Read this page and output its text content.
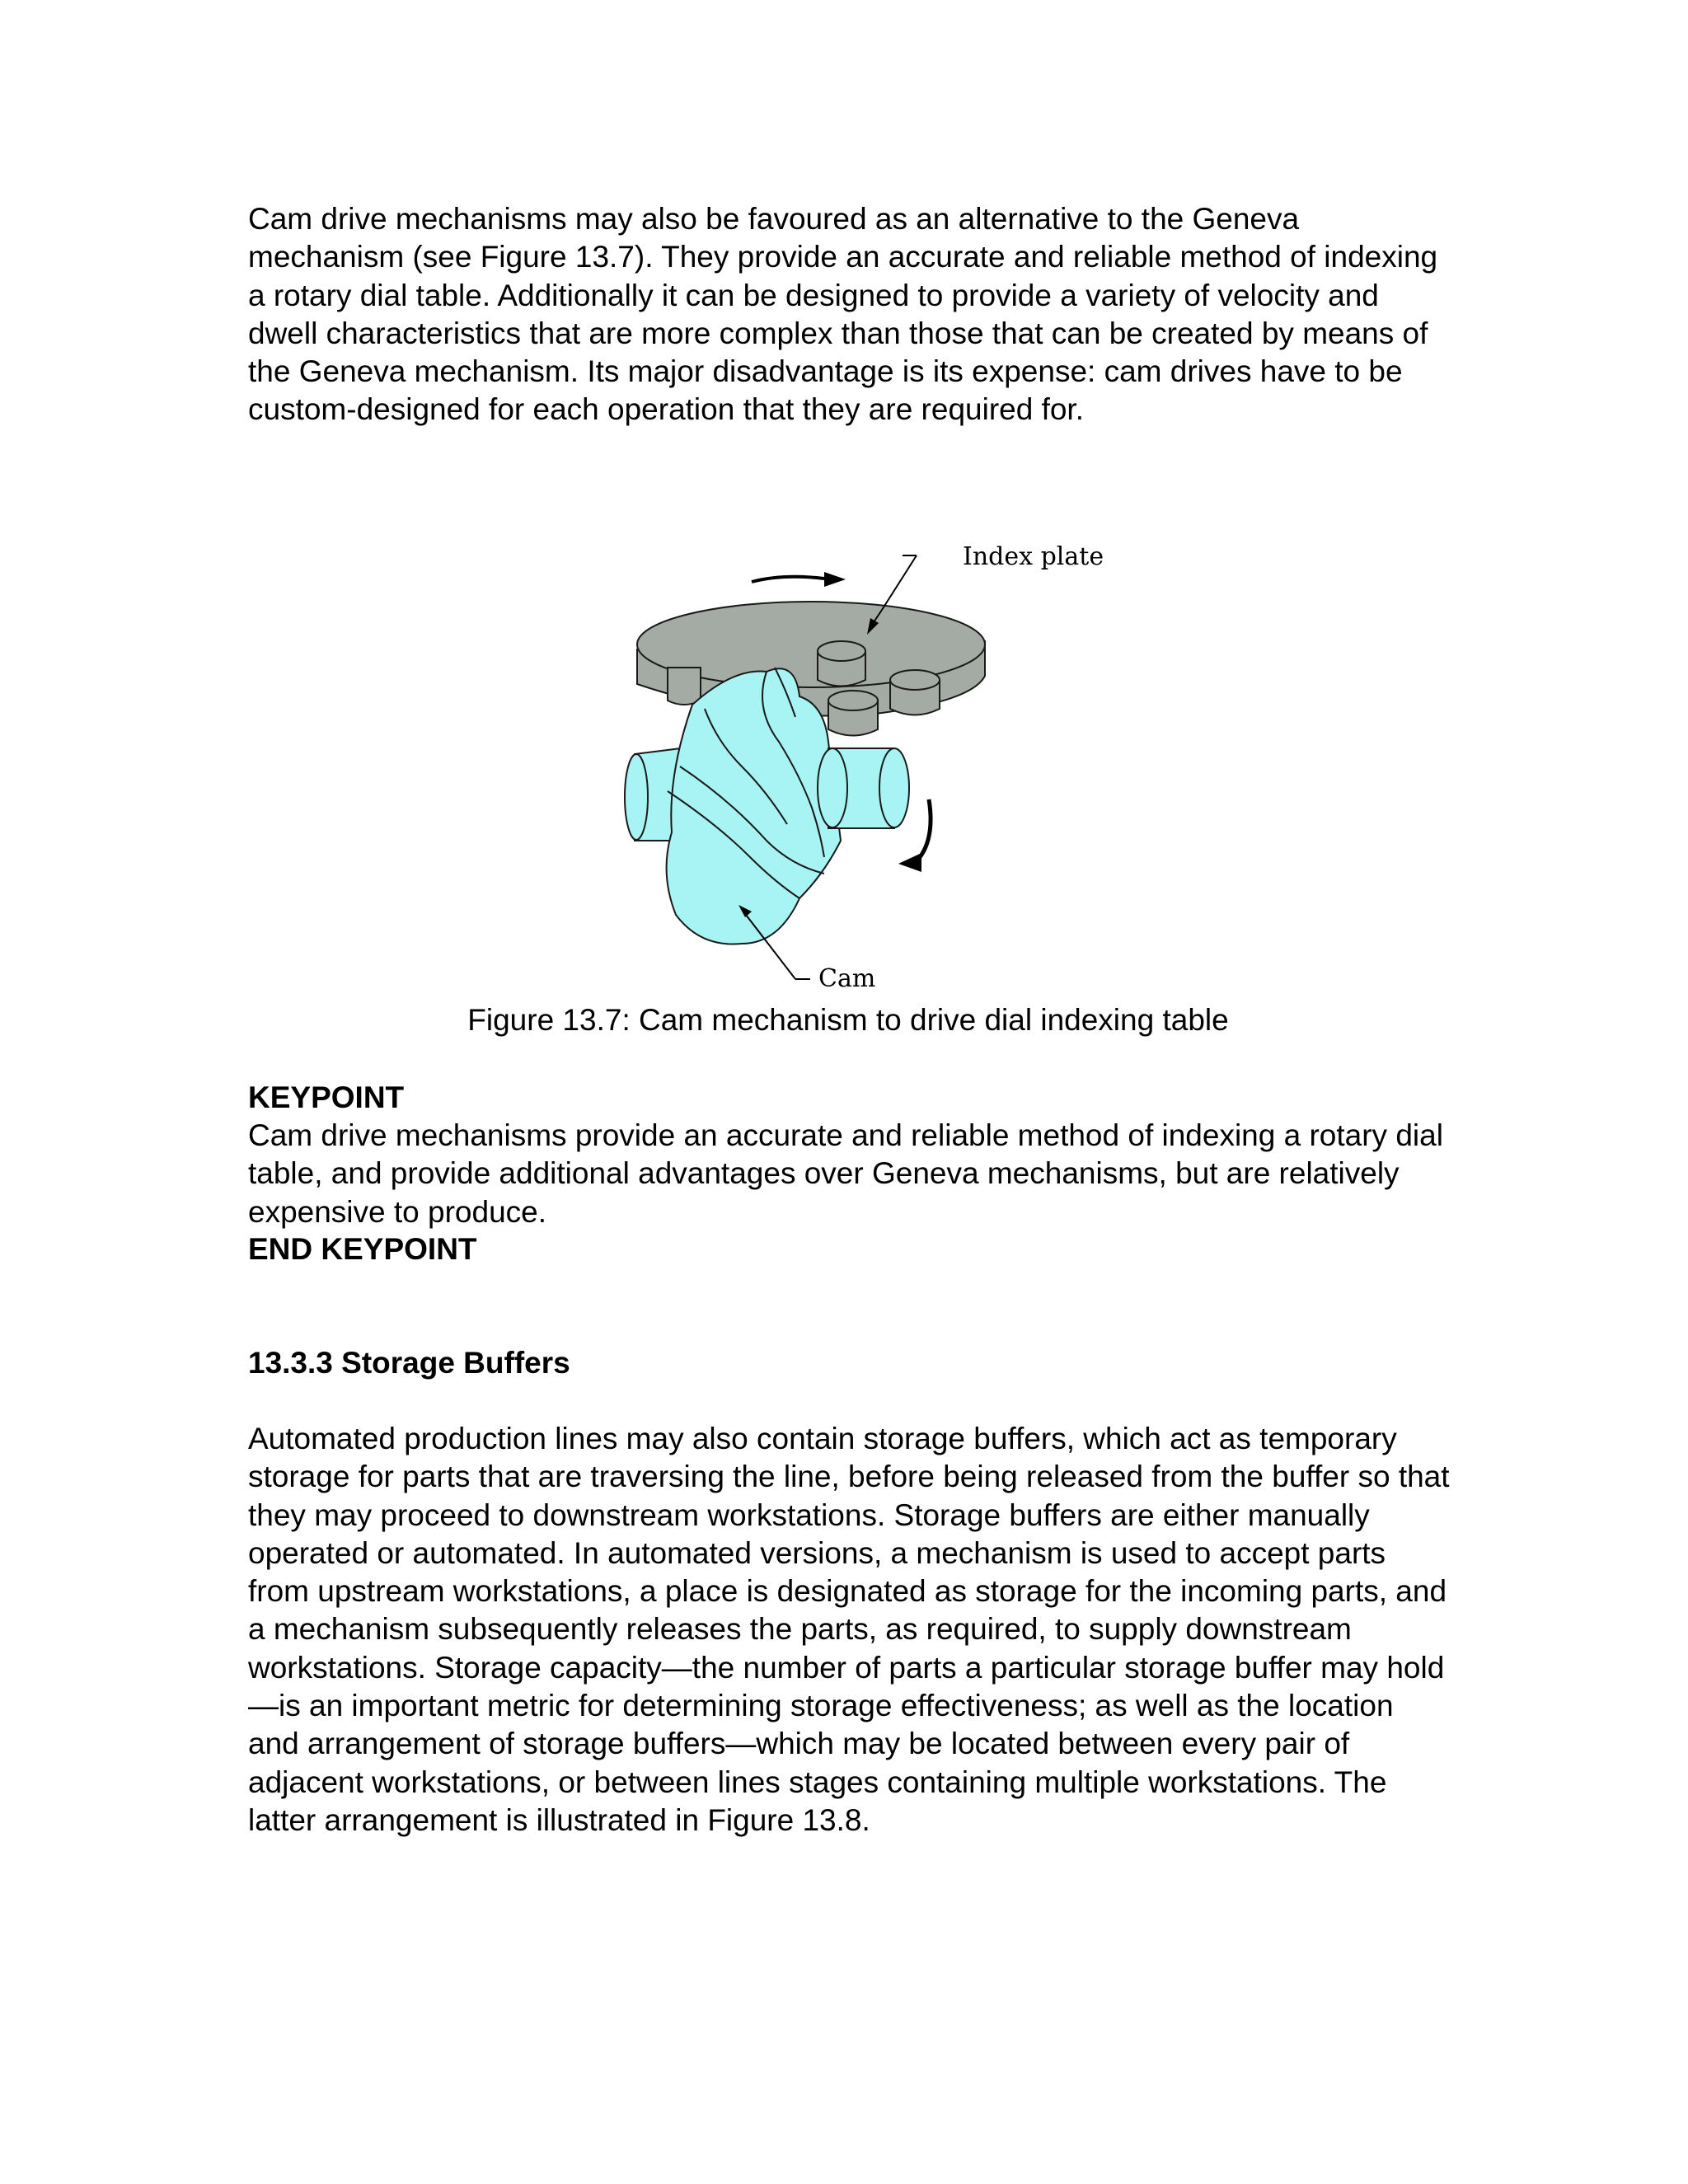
Cam drive mechanisms may also be favoured as an alternative to the Geneva mechanism (see Figure 13.7). They provide an accurate and reliable method of indexing a rotary dial table. Additionally it can be designed to provide a variety of velocity and dwell characteristics that are more complex than those that can be created by means of the Geneva mechanism. Its major disadvantage is its expense: cam drives have to be custom-designed for each operation that they are required for.

Index plate
Cam
Figure 13.7: Cam mechanism to drive dial indexing table

KEYPOINT

Cam drive mechanisms provide an accurate and reliable method of indexing a rotary dial table, and provide additional advantages over Geneva mechanisms, but are relatively expensive to produce.

END KEYPOINT

13.3.3 Storage Buffers

Automated production lines may also contain storage buffers, which act as temporary storage for parts that are traversing the line, before being released from the buffer so that they may proceed to downstream workstations. Storage buffers are either manually operated or automated. In automated versions, a mechanism is used to accept parts from upstream workstations, a place is designated as storage for the incoming parts, and a mechanism subsequently releases the parts, as required, to supply downstream workstations. Storage capacity—the number of parts a particular storage buffer may hold—is an important metric for determining storage effectiveness; as well as the location and arrangement of storage buffers—which may be located between every pair of adjacent workstations, or between lines stages containing multiple workstations. The latter arrangement is illustrated in Figure 13.8.
